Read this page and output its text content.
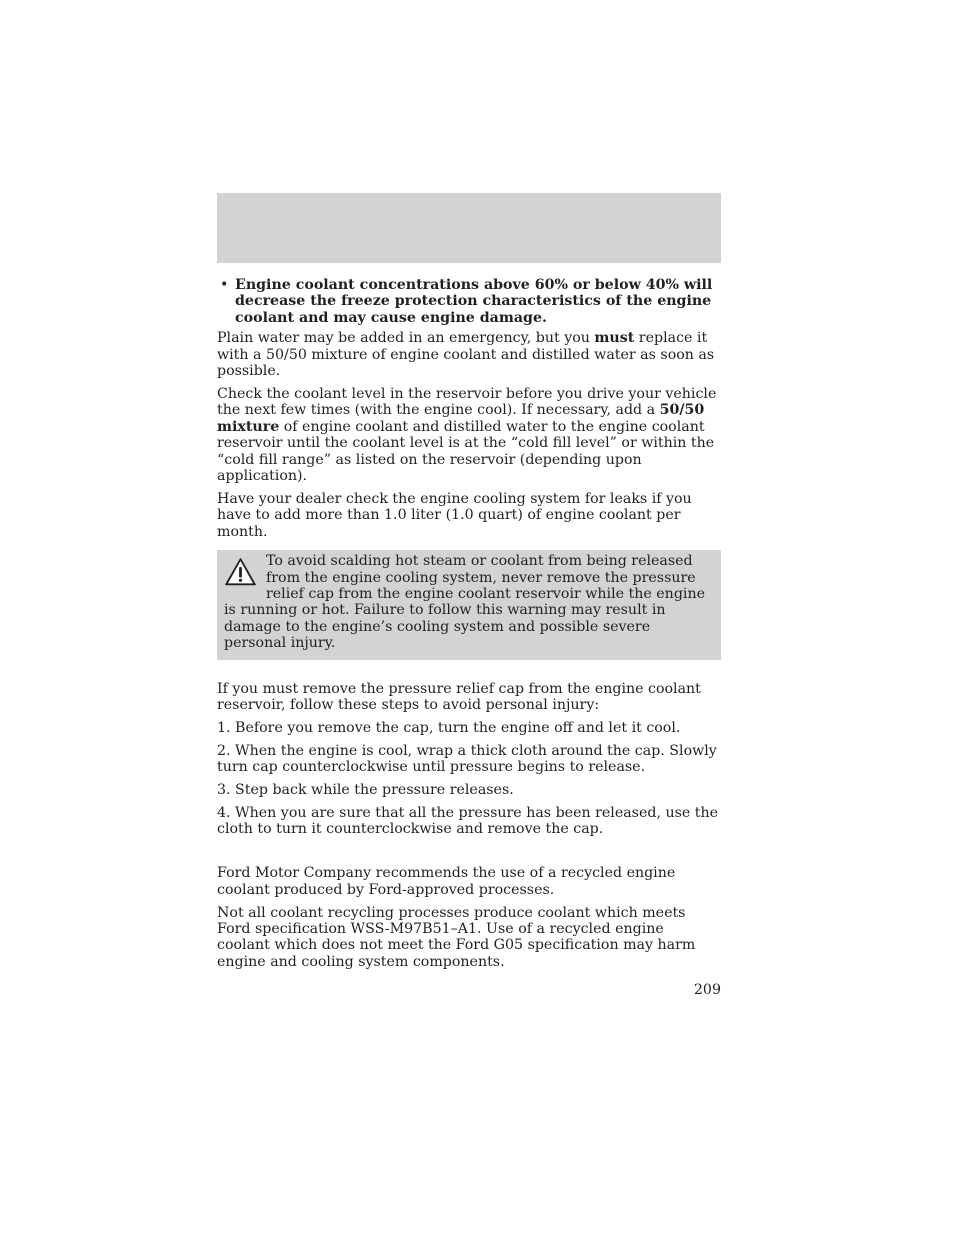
• Engine coolant concentrations above 60% or below 40% will decrease the freeze protection characteristics of the engine coolant and may cause engine damage.

Plain water may be added in an emergency, but you must replace it with a 50/50 mixture of engine coolant and distilled water as soon as possible.

Check the coolant level in the reservoir before you drive your vehicle the next few times (with the engine cool). If necessary, add a 50/50 mixture of engine coolant and distilled water to the engine coolant reservoir until the coolant level is at the “cold fill level” or within the “cold fill range” as listed on the reservoir (depending upon application).

Have your dealer check the engine cooling system for leaks if you have to add more than 1.0 liter (1.0 quart) of engine coolant per month.

To avoid scalding hot steam or coolant from being released from the engine cooling system, never remove the pressure relief cap from the engine coolant reservoir while the engine is running or hot. Failure to follow this warning may result in damage to the engine’s cooling system and possible severe personal injury.

If you must remove the pressure relief cap from the engine coolant reservoir, follow these steps to avoid personal injury:

1. Before you remove the cap, turn the engine off and let it cool.

2. When the engine is cool, wrap a thick cloth around the cap. Slowly turn cap counterclockwise until pressure begins to release.

3. Step back while the pressure releases.

4. When you are sure that all the pressure has been released, use the cloth to turn it counterclockwise and remove the cap.

Ford Motor Company recommends the use of a recycled engine coolant produced by Ford-approved processes.

Not all coolant recycling processes produce coolant which meets Ford specification WSS-M97B51–A1. Use of a recycled engine coolant which does not meet the Ford G05 specification may harm engine and cooling system components.

209
